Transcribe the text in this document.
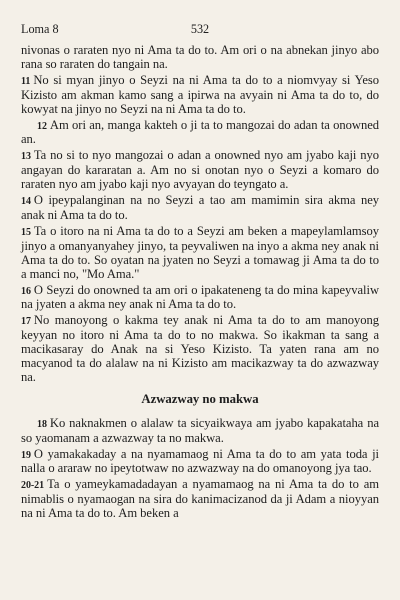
Loma 8	532

nivonas o raraten nyo ni Ama ta do to. Am ori o na abnekan jinyo abo rana so raraten do tangain na.

11 No si myan jinyo o Seyzi na ni Ama ta do to a niomvyay si Yeso Kizisto am akman kamo sang a ipirwa na avyain ni Ama ta do to, do kowyat na jinyo no Seyzi na ni Ama ta do to.

12 Am ori an, manga kakteh o ji ta to mangozai do adan ta onowned an.

13 Ta no si to nyo mangozai o adan a onowned nyo am jyabo kaji nyo angayan do kararatan a. Am no si onotan nyo o Seyzi a komaro do raraten nyo am jyabo kaji nyo avyayan do teyngato a.

14 O ipeypalanginan na no Seyzi a tao am mamimin sira akma ney anak ni Ama ta do to.

15 Ta o itoro na ni Ama ta do to a Seyzi am beken a mapeylamlamsoy jinyo a omanyanyahey jinyo, ta peyvaliwen na inyo a akma ney anak ni Ama ta do to. So oyatan na jyaten no Seyzi a tomawag ji Ama ta do to a manci no, "Mo Ama."

16 O Seyzi do onowned ta am ori o ipakateneng ta do mina kapeyvaliw na jyaten a akma ney anak ni Ama ta do to.

17 No manoyong o kakma tey anak ni Ama ta do to am manoyong keyyan no itoro ni Ama ta do to no makwa. So ikakman ta sang a macikasaray do Anak na si Yeso Kizisto. Ta yaten rana am no macyanod ta do alalaw na ni Kizisto am macikazway ta do azwazway na.

Azwazway no makwa

18 Ko naknakmen o alalaw ta sicyaikwaya am jyabo kapakataha na so yaomanam a azwazway ta no makwa.

19 O yamakakaday a na nyamamaog ni Ama ta do to am yata toda ji nalla o araraw no ipeytotwaw no azwazway na do omanoyong jya tao.

20-21 Ta o yameykamadadayan a nyamamaog na ni Ama ta do to am nimablis o nyamaogan na sira do kanimacizanod da ji Adam a nioyyan na ni Ama ta do to. Am beken a
